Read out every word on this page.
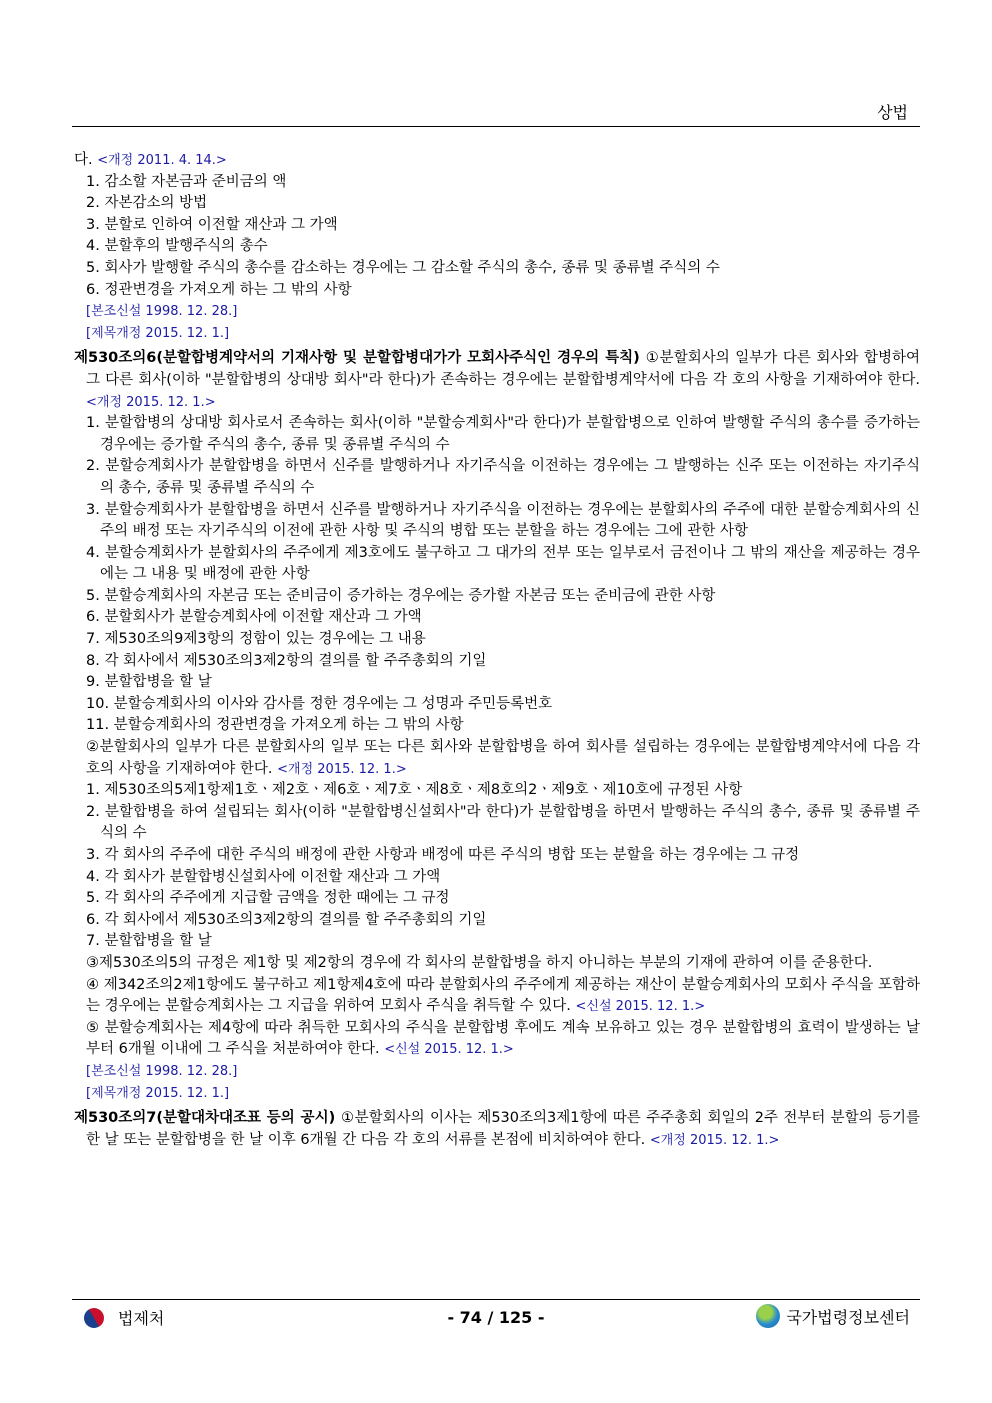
상법

다. <개정 2011. 4. 14.>

1. 감소할 자본금과 준비금의 액

2. 자본감소의 방법

3. 분할로 인하여 이전할 재산과 그 가액

4. 분할후의 발행주식의 총수

5. 회사가 발행할 주식의 총수를 감소하는 경우에는 그 감소할 주식의 총수, 종류 및 종류별 주식의 수

6. 정관변경을 가져오게 하는 그 밖의 사항

[본조신설 1998. 12. 28.]

[제목개정 2015. 12. 1.]

제530조의6(분할합병계약서의 기재사항 및 분할합병대가가 모회사주식인 경우의 특칙) ①분할회사의 일부가 다른 회사와 합병하여 그 다른 회사(이하 "분할합병의 상대방 회사"라 한다)가 존속하는 경우에는 분할합병계약서에 다음 각 호의 사항을 기재하여야 한다. <개정 2015. 12. 1.>

1. 분할합병의 상대방 회사로서 존속하는 회사(이하 "분할승계회사"라 한다)가 분할합병으로 인하여 발행할 주식의 총수를 증가하는 경우에는 증가할 주식의 총수, 종류 및 종류별 주식의 수

2. 분할승계회사가 분할합병을 하면서 신주를 발행하거나 자기주식을 이전하는 경우에는 그 발행하는 신주 또는 이전하는 자기주식의 총수, 종류 및 종류별 주식의 수

3. 분할승계회사가 분할합병을 하면서 신주를 발행하거나 자기주식을 이전하는 경우에는 분할회사의 주주에 대한 분할승계회사의 신주의 배정 또는 자기주식의 이전에 관한 사항 및 주식의 병합 또는 분할을 하는 경우에는 그에 관한 사항

4. 분할승계회사가 분할회사의 주주에게 제3호에도 불구하고 그 대가의 전부 또는 일부로서 금전이나 그 밖의 재산을 제공하는 경우에는 그 내용 및 배정에 관한 사항

5. 분할승계회사의 자본금 또는 준비금이 증가하는 경우에는 증가할 자본금 또는 준비금에 관한 사항

6. 분할회사가 분할승계회사에 이전할 재산과 그 가액

7. 제530조의9제3항의 정함이 있는 경우에는 그 내용

8. 각 회사에서 제530조의3제2항의 결의를 할 주주총회의 기일

9. 분할합병을 할 날

10. 분할승계회사의 이사와 감사를 정한 경우에는 그 성명과 주민등록번호

11. 분할승계회사의 정관변경을 가져오게 하는 그 밖의 사항

②분할회사의 일부가 다른 분할회사의 일부 또는 다른 회사와 분할합병을 하여 회사를 설립하는 경우에는 분할합병계약서에 다음 각 호의 사항을 기재하여야 한다. <개정 2015. 12. 1.>

1. 제530조의5제1항제1호ㆍ제2호ㆍ제6호ㆍ제7호ㆍ제8호ㆍ제8호의2ㆍ제9호ㆍ제10호에 규정된 사항

2. 분할합병을 하여 설립되는 회사(이하 "분할합병신설회사"라 한다)가 분할합병을 하면서 발행하는 주식의 총수, 종류 및 종류별 주식의 수

3. 각 회사의 주주에 대한 주식의 배정에 관한 사항과 배정에 따른 주식의 병합 또는 분할을 하는 경우에는 그 규정

4. 각 회사가 분할합병신설회사에 이전할 재산과 그 가액

5. 각 회사의 주주에게 지급할 금액을 정한 때에는 그 규정

6. 각 회사에서 제530조의3제2항의 결의를 할 주주총회의 기일

7. 분할합병을 할 날

③제530조의5의 규정은 제1항 및 제2항의 경우에 각 회사의 분할합병을 하지 아니하는 부분의 기재에 관하여 이를 준용한다.

④ 제342조의2제1항에도 불구하고 제1항제4호에 따라 분할회사의 주주에게 제공하는 재산이 분할승계회사의 모회사 주식을 포함하는 경우에는 분할승계회사는 그 지급을 위하여 모회사 주식을 취득할 수 있다. <신설 2015. 12. 1.>

⑤ 분할승계회사는 제4항에 따라 취득한 모회사의 주식을 분할합병 후에도 계속 보유하고 있는 경우 분할합병의 효력이 발생하는 날부터 6개월 이내에 그 주식을 처분하여야 한다. <신설 2015. 12. 1.>

[본조신설 1998. 12. 28.]

[제목개정 2015. 12. 1.]

제530조의7(분할대차대조표 등의 공시) ①분할회사의 이사는 제530조의3제1항에 따른 주주총회 회일의 2주 전부터 분할의 등기를 한 날 또는 분할합병을 한 날 이후 6개월 간 다음 각 호의 서류를 본점에 비치하여야 한다. <개정 2015. 12. 1.>

법제처	- 74 / 125 -	국가법령정보센터
